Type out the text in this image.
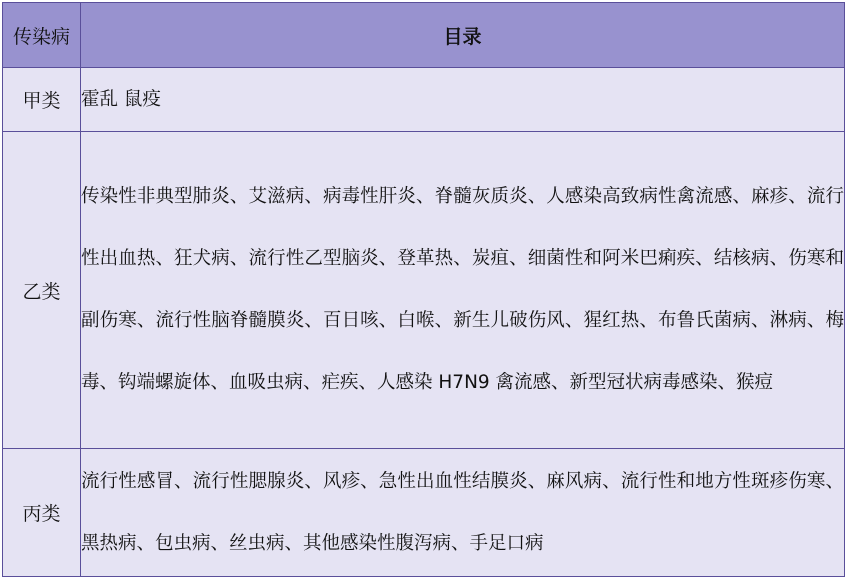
传染病	目录
甲类	霍乱 鼠疫

乙类	传染性非典型肺炎、艾滋病、病毒性肝炎、脊髓灰质炎、人感染高致病性禽流感、麻疹、流行性出血热、狂犬病、流行性乙型脑炎、登革热、炭疽、细菌性和阿米巴痢疾、结核病、伤寒和副伤寒、流行性脑脊髓膜炎、百日咳、白喉、新生儿破伤风、猩红热、布鲁氏菌病、淋病、梅毒、钩端螺旋体、血吸虫病、疟疾、人感染 H7N9 禽流感、新型冠状病毒感染、猴痘

丙类	流行性感冒、流行性腮腺炎、风疹、急性出血性结膜炎、麻风病、流行性和地方性斑疹伤寒、黑热病、包虫病、丝虫病、其他感染性腹泻病、手足口病
